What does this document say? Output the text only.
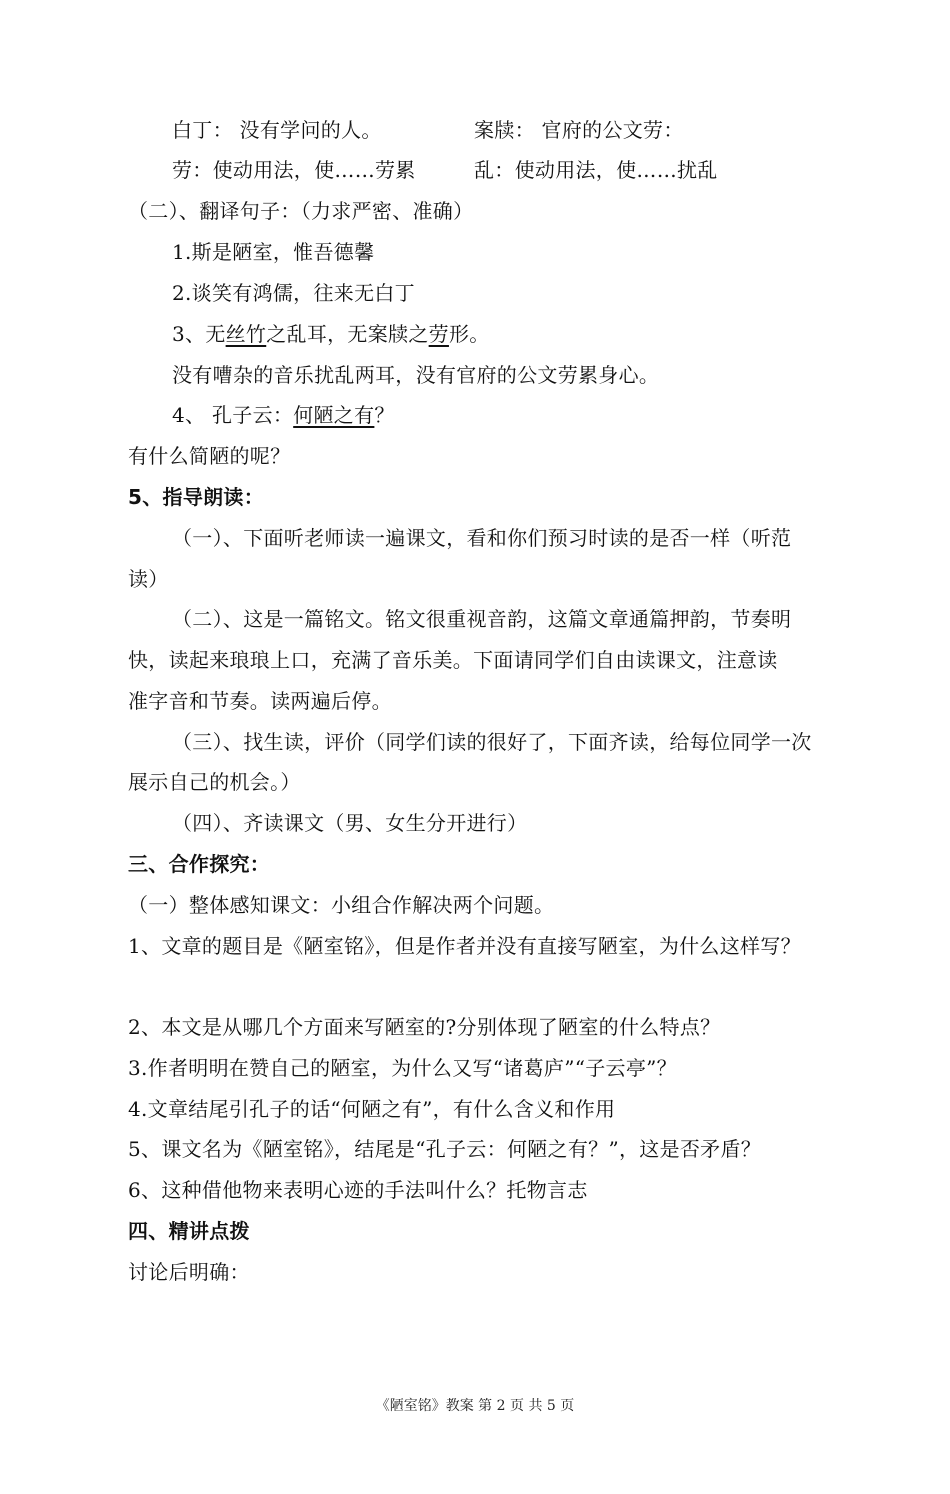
白丁： 没有学问的人。	案牍： 官府的公文劳：
劳：使动用法，使……劳累	乱：使动用法，使……扰乱
（二）、翻译句子：（力求严密、准确）
1.斯是陋室，惟吾德馨
2.谈笑有鸿儒，往来无白丁
3、无丝竹之乱耳，无案牍之劳形。
没有嘈杂的音乐扰乱两耳，没有官府的公文劳累身心。
4、 孔子云：何陋之有？
有什么简陋的呢？
5、指导朗读：
（一）、下面听老师读一遍课文，看和你们预习时读的是否一样（听范
读）
（二）、这是一篇铭文。铭文很重视音韵，这篇文章通篇押韵，节奏明
快，读起来琅琅上口，充满了音乐美。下面请同学们自由读课文，注意读
准字音和节奏。读两遍后停。
（三）、找生读，评价（同学们读的很好了，下面齐读，给每位同学一次
展示自己的机会。）
（四）、齐读课文（男、女生分开进行）
三、合作探究：
（一）整体感知课文：小组合作解决两个问题。
1、文章的题目是《陋室铭》，但是作者并没有直接写陋室，为什么这样写？
2、本文是从哪几个方面来写陋室的?分别体现了陋室的什么特点？
3.作者明明在赞自己的陋室，为什么又写“诸葛庐”“子云亭”？
4.文章结尾引孔子的话“何陋之有”，有什么含义和作用
5、课文名为《陋室铭》，结尾是“孔子云：何陋之有？”，这是否矛盾？
6、这种借他物来表明心迹的手法叫什么？托物言志
四、精讲点拨
讨论后明确：
《陋室铭》教案 第 2 页 共 5 页
